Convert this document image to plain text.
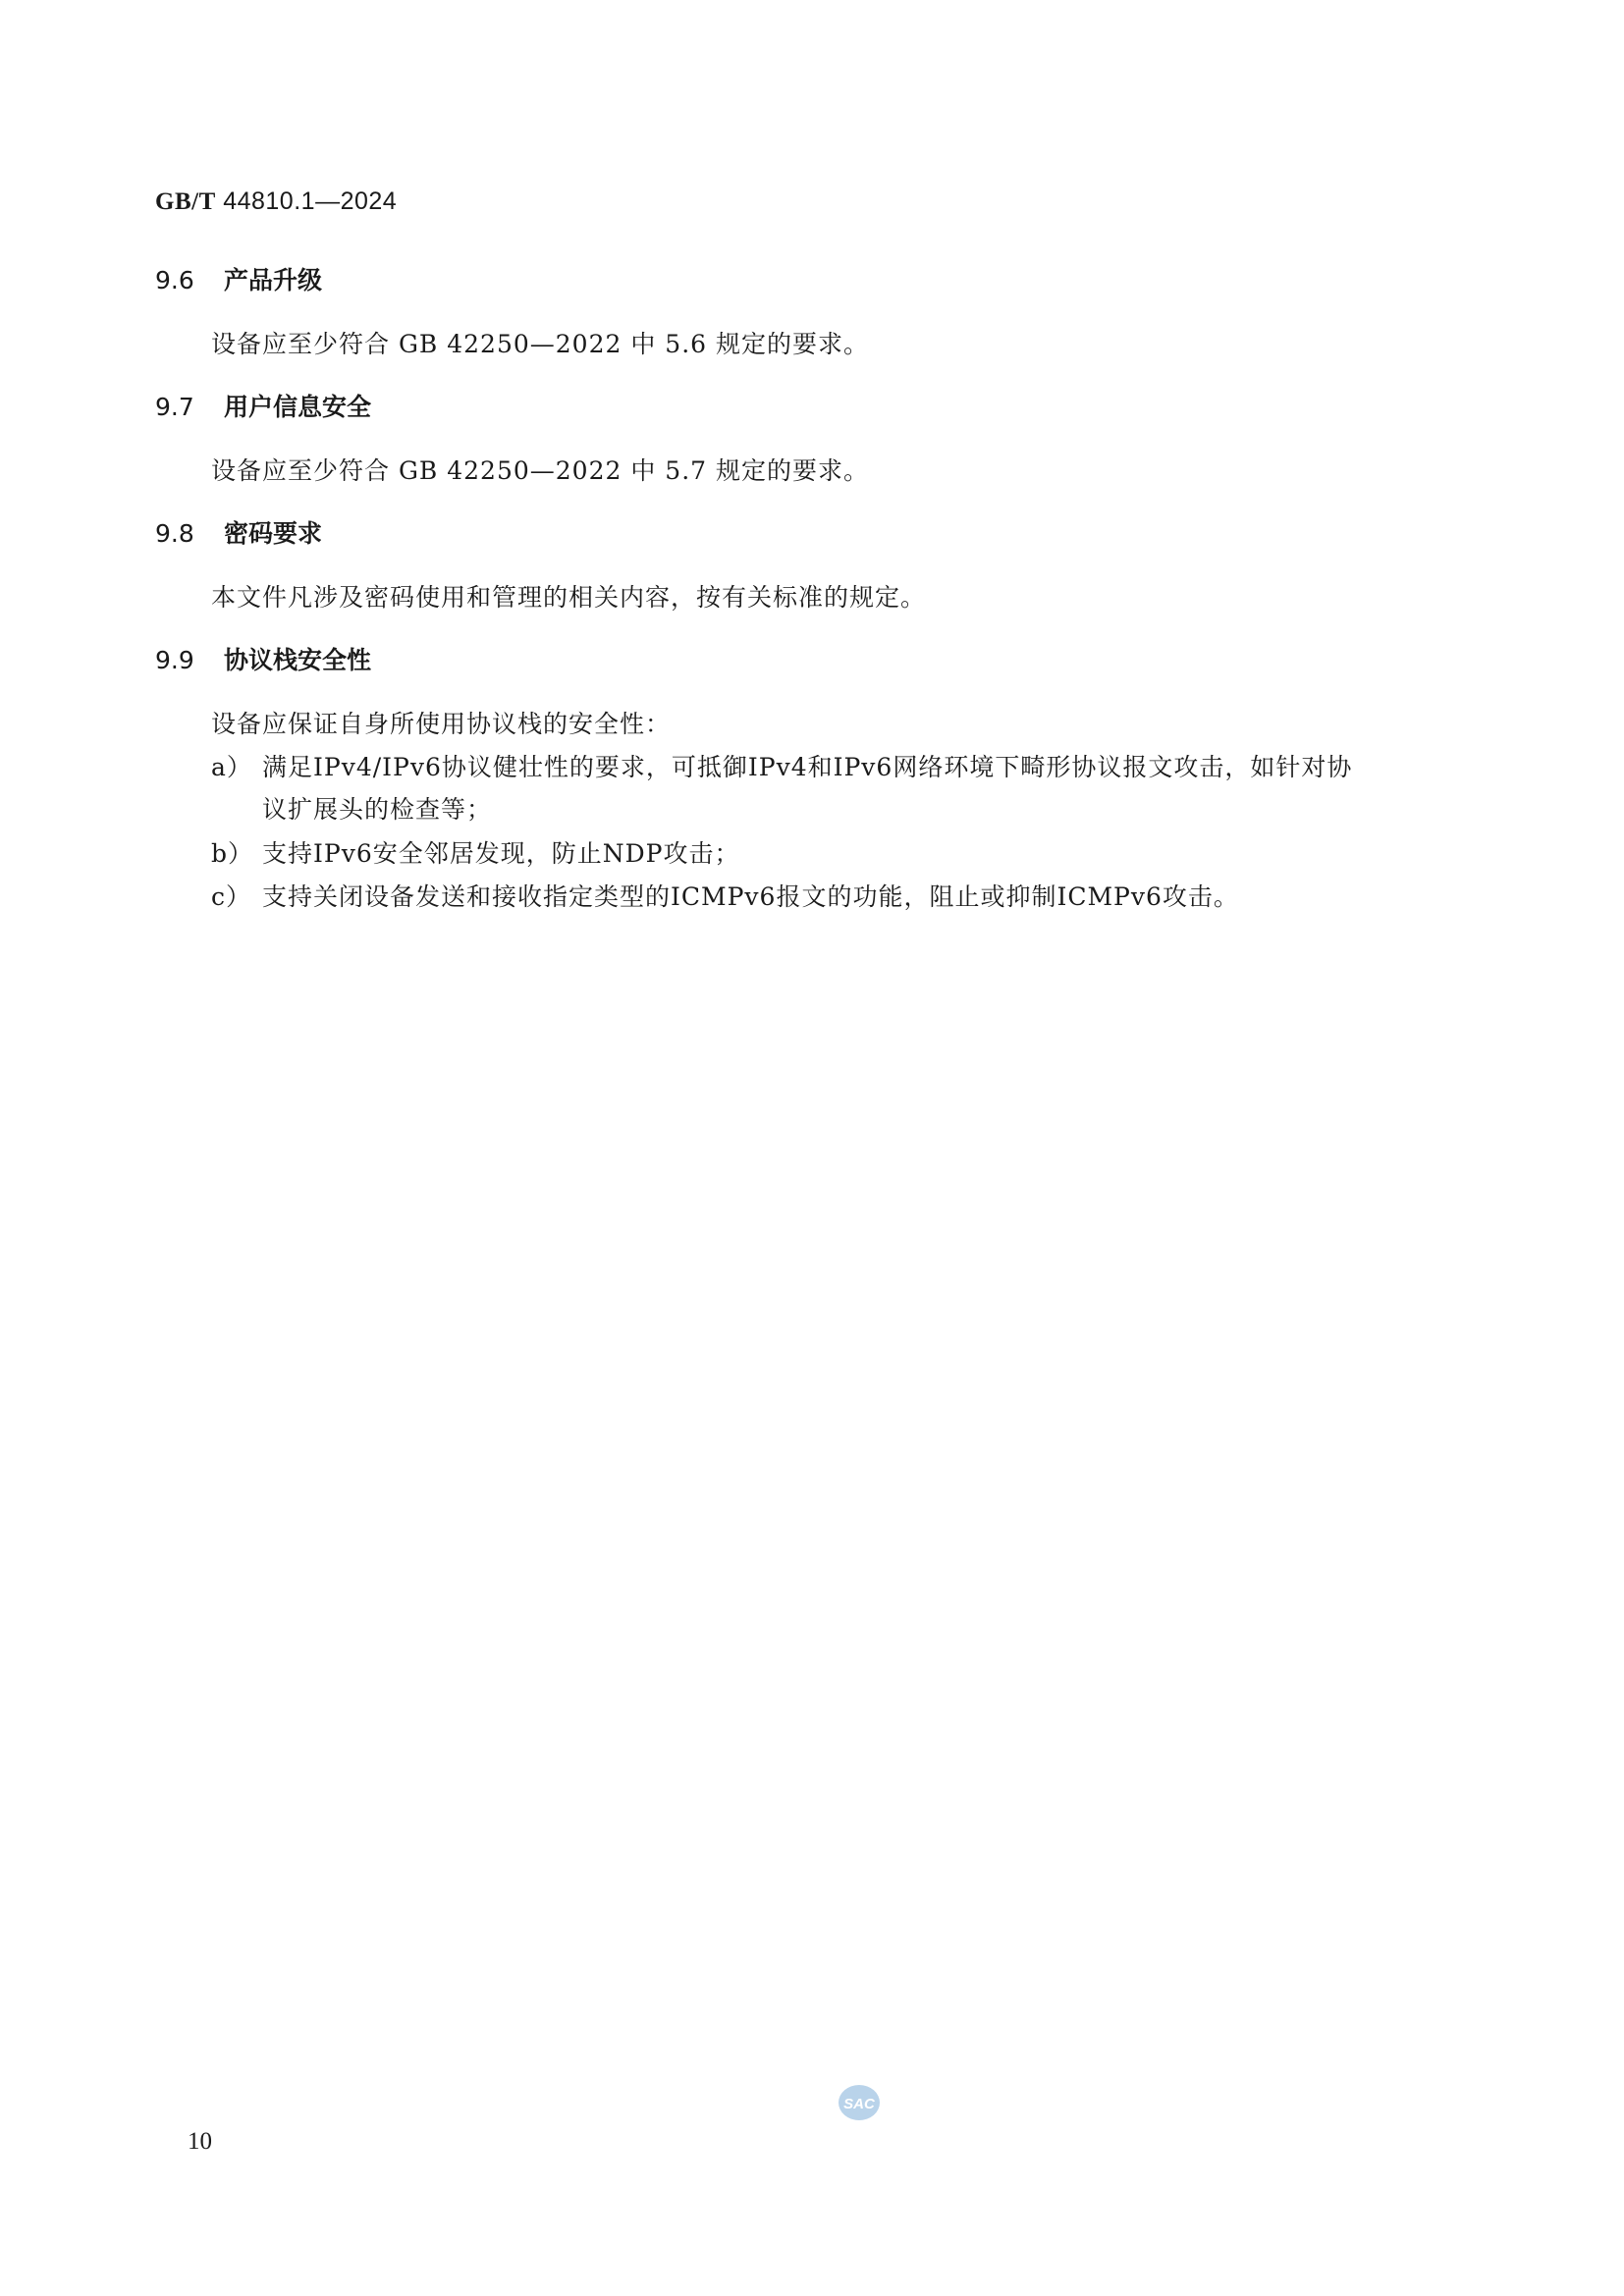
GB/T 44810.1—2024
9.6 产品升级
设备应至少符合 GB 42250—2022 中 5.6 规定的要求。
9.7 用户信息安全
设备应至少符合 GB 42250—2022 中 5.7 规定的要求。
9.8 密码要求
本文件凡涉及密码使用和管理的相关内容，按有关标准的规定。
9.9 协议栈安全性
设备应保证自身所使用协议栈的安全性：
a） 满足IPv4/IPv6协议健壮性的要求，可抵御IPv4和IPv6网络环境下畸形协议报文攻击，如针对协
议扩展头的检查等；
b） 支持IPv6安全邻居发现，防止NDP攻击；
c） 支持关闭设备发送和接收指定类型的ICMPv6报文的功能，阻止或抑制ICMPv6攻击。
SAC
10
